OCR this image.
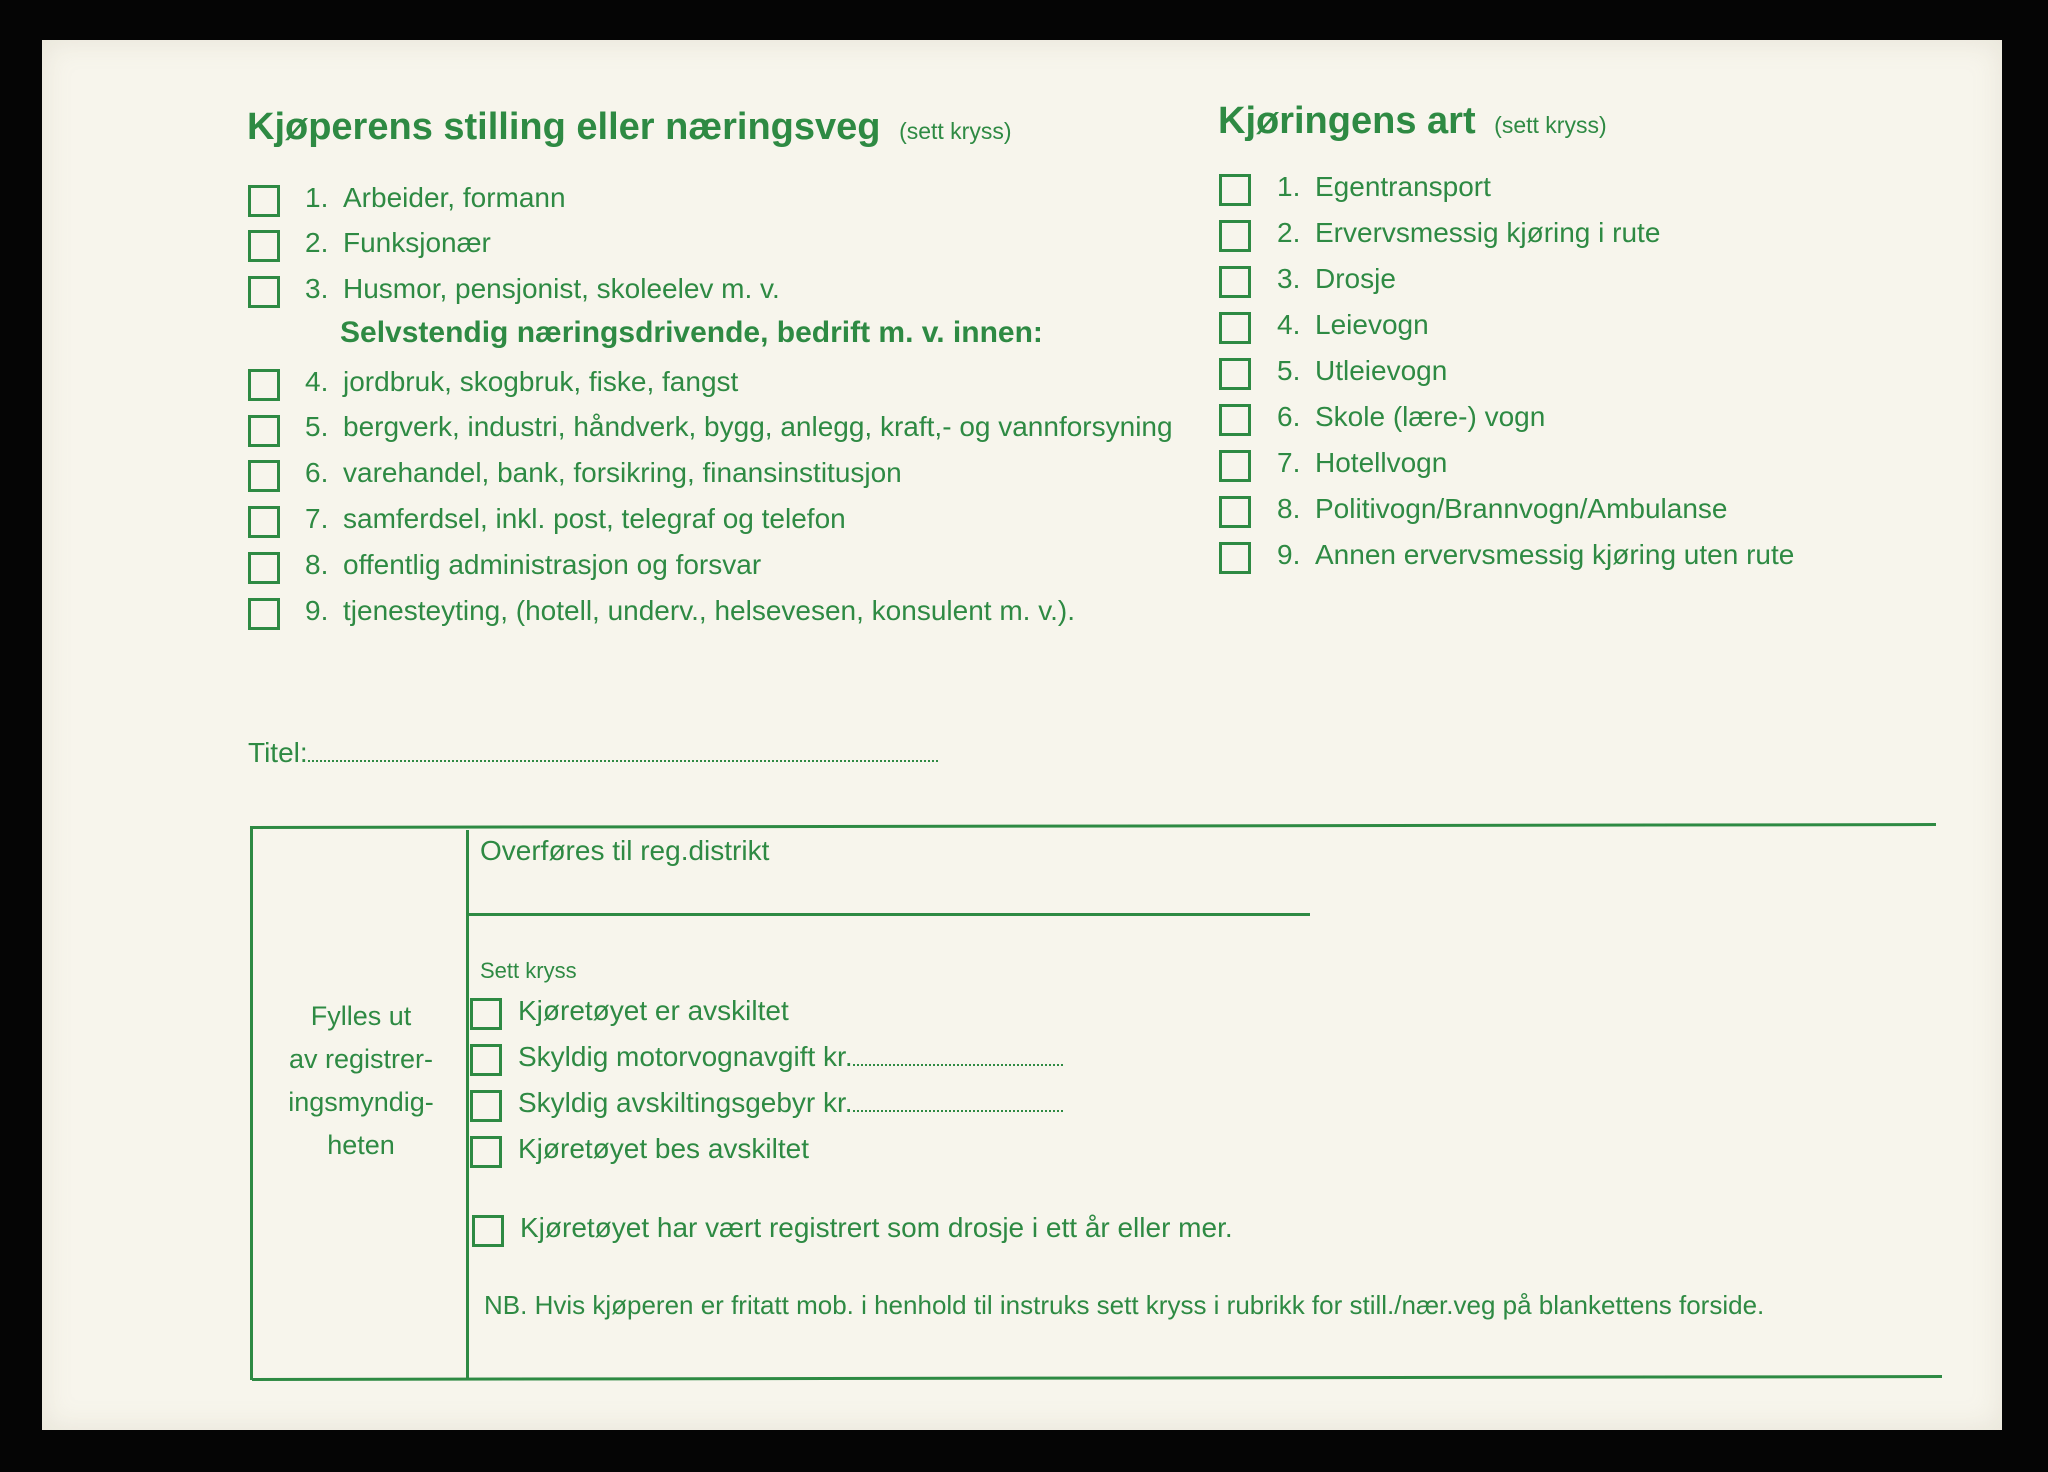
Kjøperens stilling eller næringsveg (sett kryss)
1. Arbeider, formann
2. Funksjonær
3. Husmor, pensjonist, skoleelev m. v.
Selvstendig næringsdrivende, bedrift m. v. innen:
4. jordbruk, skogbruk, fiske, fangst
5. bergverk, industri, håndverk, bygg, anlegg, kraft,- og vannforsyning
6. varehandel, bank, forsikring, finansinstitusjon
7. samferdsel, inkl. post, telegraf og telefon
8. offentlig administrasjon og forsvar
9. tjenesteyting, (hotell, underv., helsevesen, konsulent m. v.).
Kjøringens art (sett kryss)
1. Egentransport
2. Ervervsmessig kjøring i rute
3. Drosje
4. Leievogn
5. Utleievogn
6. Skole (lære-) vogn
7. Hotellvogn
8. Politivogn/Brannvogn/Ambulanse
9. Annen ervervsmessig kjøring uten rute
Titel:
Fylles ut
av registrer-
ingsmyndig-
heten
Overføres til reg.distrikt
Sett kryss
Kjøretøyet er avskiltet
Skyldig motorvognavgift kr.
Skyldig avskiltingsgebyr kr.
Kjøretøyet bes avskiltet
Kjøretøyet har vært registrert som drosje i ett år eller mer.
NB. Hvis kjøperen er fritatt mob. i henhold til instruks sett kryss i rubrikk for still./nær.veg på blankettens forside.
